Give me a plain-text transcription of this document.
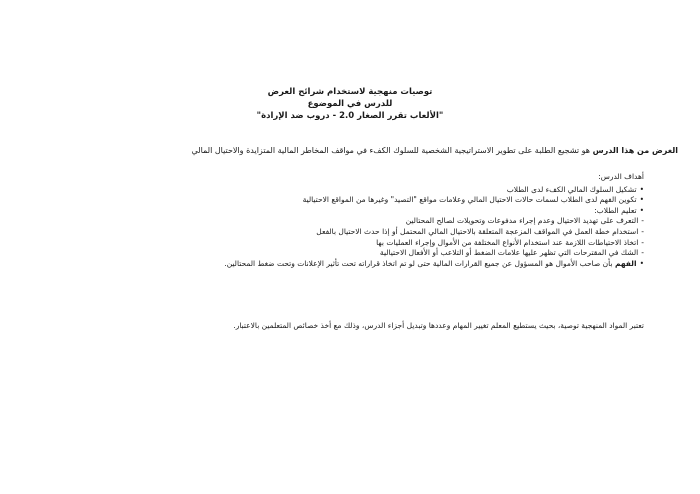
توصيات منهجية لاستخدام شرائح العرض
للدرس في الموضوع
"الألعاب تقرر الصغار 2.0 - دروب ضد الإرادة"
الغرض من هذا الدرس هو تشجيع الطلبة على تطوير الاستراتيجية الشخصية للسلوك الكفء في مواقف المخاطر المالية المتزايدة والاحتيال المالي
أهداف الدرس:
•تشكيل السلوك المالي الكفء لدى الطلاب
•تكوين الفهم لدى الطلاب لسمات حالات الاحتيال المالي وعلامات مواقع "التصيد" وغيرها من المواقع الاحتيالية
•تعليم الطلاب:
-التعرف على تهديد الاحتيال وعدم إجراء مدفوعات وتحويلات لصالح المحتالين
-استخدام خطة العمل في المواقف المزعجة المتعلقة بالاحتيال المالي المحتمل أو إذا حدث الاحتيال بالفعل
-اتخاذ الاحتياطات اللازمة عند استخدام الأنواع المختلفة من الأموال وإجراء العمليات بها
-الشك في المقترحات التي تظهر عليها علامات الضغط أو التلاعب أو الأفعال الاحتيالية
•الفهم بأن صاحب الأموال هو المسؤول عن جميع القرارات المالية حتى لو تم اتخاذ قراراته تحت تأثير الإعلانات وتحت ضغط المحتالين.
تعتبر المواد المنهجية توصية، بحيث يستطيع المعلم تغيير المهام وعددها وتبديل أجزاء الدرس، وذلك مع أخذ خصائص المتعلمين بالاعتبار.
